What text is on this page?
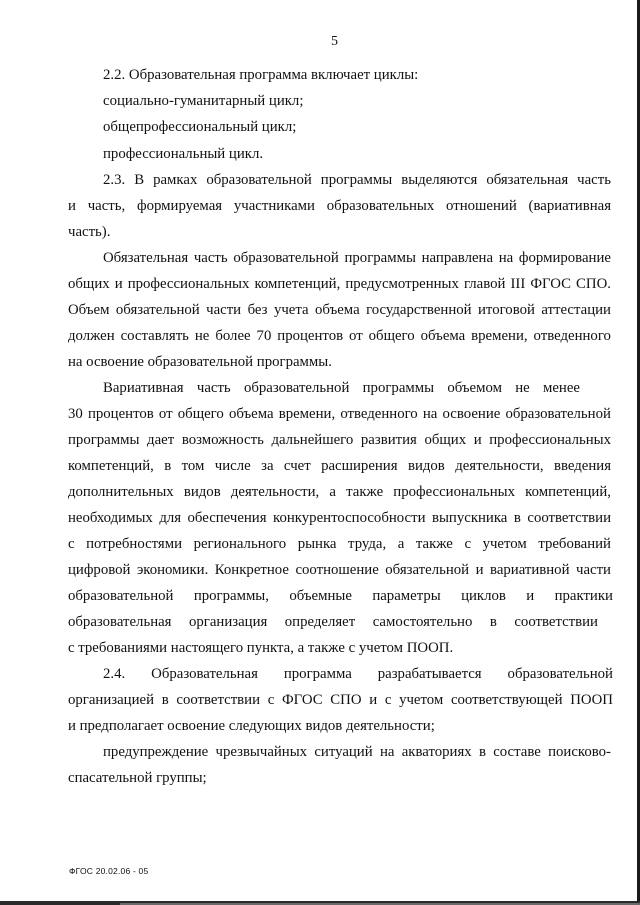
5
2.2. Образовательная программа включает циклы:
социально-гуманитарный цикл;
общепрофессиональный цикл;
профессиональный цикл.
2.3. В рамках образовательной программы выделяются обязательная часть
и часть, формируемая участниками образовательных отношений (вариативная
часть).
Обязательная часть образовательной программы направлена на формирование
общих и профессиональных компетенций, предусмотренных главой III ФГОС СПО.
Объем обязательной части без учета объема государственной итоговой аттестации
должен составлять не более 70 процентов от общего объема времени, отведенного
на освоение образовательной программы.
Вариативная часть образовательной программы объемом не менее
30 процентов от общего объема времени, отведенного на освоение образовательной
программы дает возможность дальнейшего развития общих и профессиональных
компетенций, в том числе за счет расширения видов деятельности, введения
дополнительных видов деятельности, а также профессиональных компетенций,
необходимых для обеспечения конкурентоспособности выпускника в соответствии
с потребностями регионального рынка труда, а также с учетом требований
цифровой экономики. Конкретное соотношение обязательной и вариативной части
образовательной программы, объемные параметры циклов и практики
образовательная организация определяет самостоятельно в соответствии
с требованиями настоящего пункта, а также с учетом ПООП.
2.4. Образовательная программа разрабатывается образовательной
организацией в соответствии с ФГОС СПО и с учетом соответствующей ПООП
и предполагает освоение следующих видов деятельности;
предупреждение чрезвычайных ситуаций на акваториях в составе поисково-
спасательной группы;
ФГОС 20.02.06 - 05
